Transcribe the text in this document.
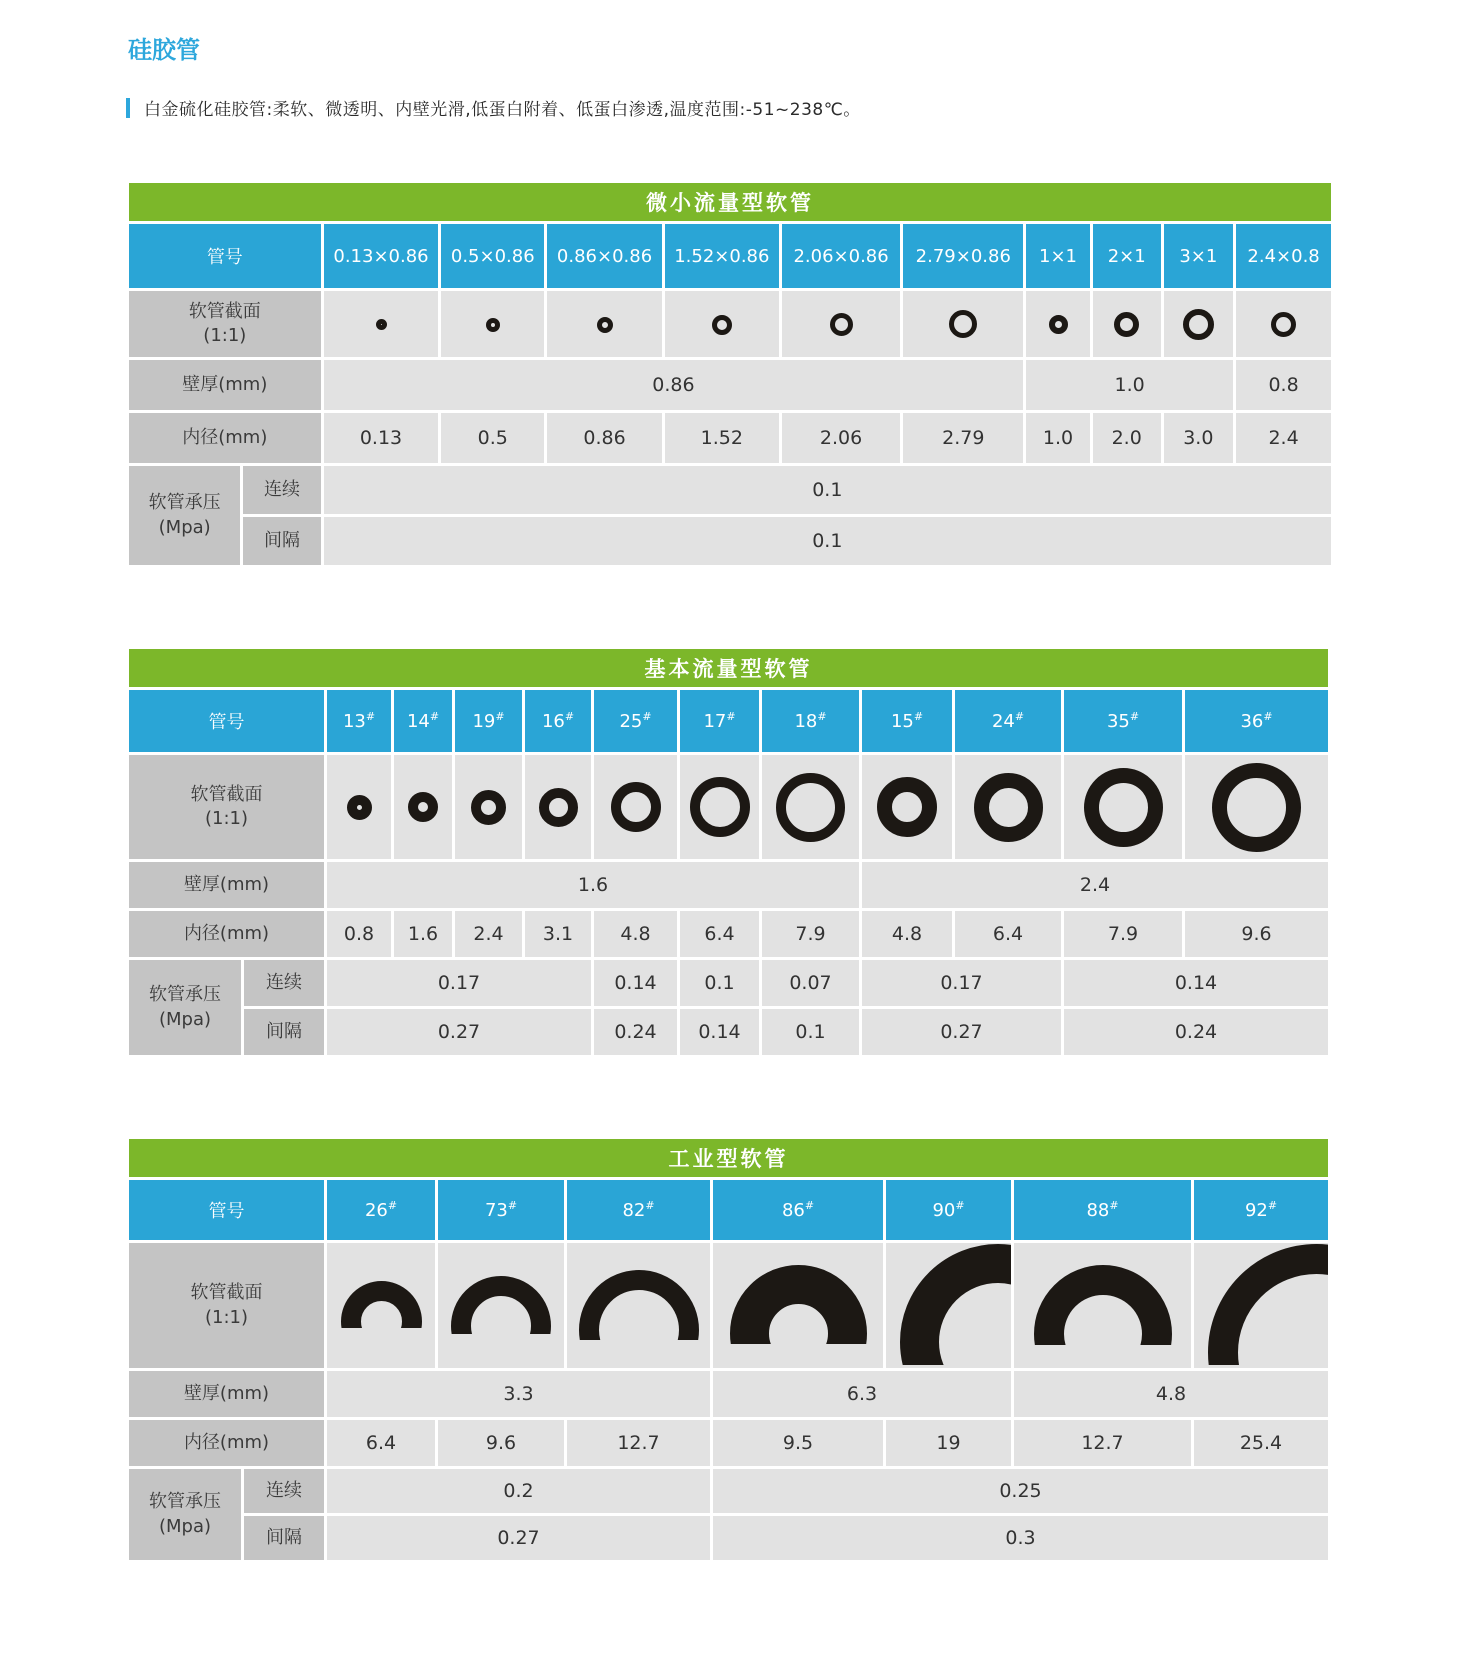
硅胶管
白金硫化硅胶管:柔软、微透明、内壁光滑,低蛋白附着、低蛋白渗透,温度范围:-51~238℃。
微小流量型软管											
管号		0.13×0.86	0.5×0.86	0.86×0.86	1.52×0.86	2.06×0.86	2.79×0.86	1×1	2×1	3×1	2.4×0.8

软管截面
(1:1)											

壁厚(mm)		0.86						1.0			0.8
内径(mm)		0.13	0.5	0.86	1.52	2.06	2.79	1.0	2.0	3.0	2.4

软管承压
(Mpa)	连续	0.1									
	间隔	0.1									
基本流量型软管												
管号		13#	14#	19#	16#	25#	17#	18#	15#	24#	35#	36#

软管截面
(1:1)												

壁厚(mm)		1.6							2.4			
内径(mm)		0.8	1.6	2.4	3.1	4.8	6.4	7.9	4.8	6.4	7.9	9.6

软管承压
(Mpa)	连续	0.17				0.14	0.1	0.07	0.17		0.14	
	间隔	0.27				0.24	0.14	0.1	0.27		0.24	
工业型软管								
管号		26#	73#	82#	86#	90#	88#	92#

软管截面
(1:1)								

壁厚(mm)		3.3			6.3		4.8	
内径(mm)		6.4	9.6	12.7	9.5	19	12.7	25.4

软管承压
(Mpa)	连续	0.2			0.25			
	间隔	0.27			0.3			
